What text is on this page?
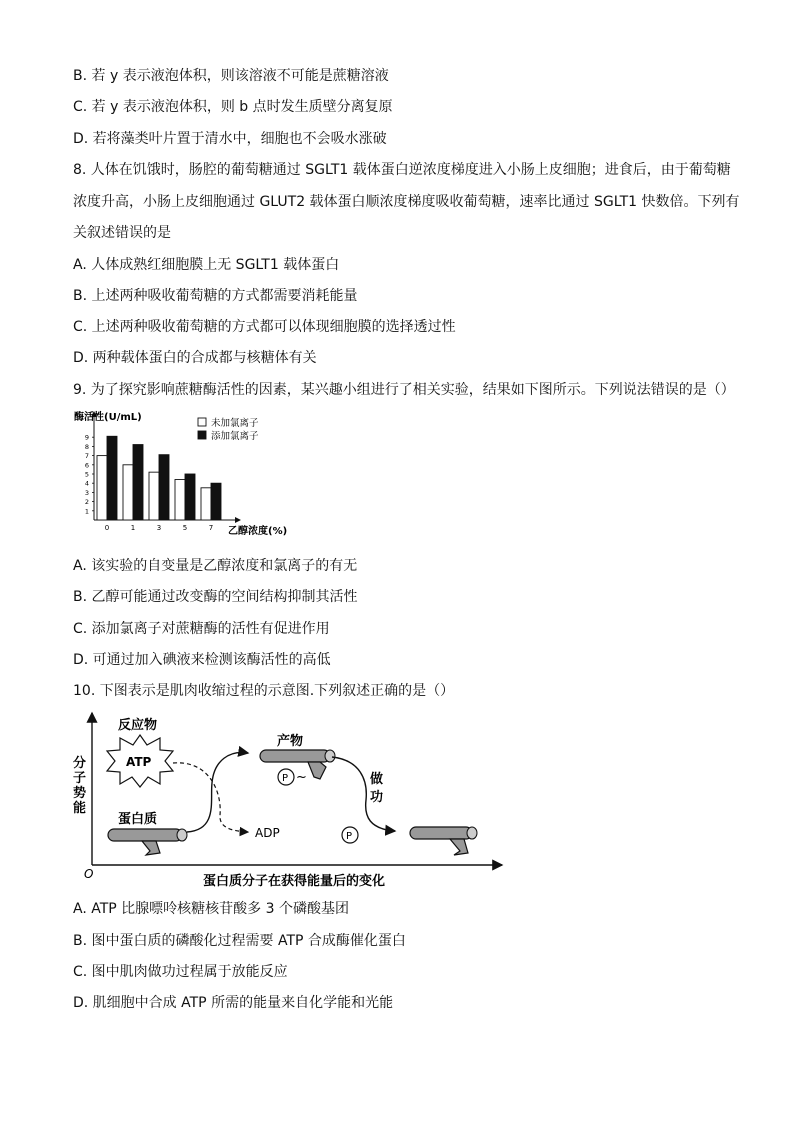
B. 若 y 表示液泡体积，则该溶液不可能是蔗糖溶液
C. 若 y 表示液泡体积，则 b 点时发生质壁分离复原
D. 若将藻类叶片置于清水中，细胞也不会吸水涨破
8. 人体在饥饿时，肠腔的葡萄糖通过 SGLT1 载体蛋白逆浓度梯度进入小肠上皮细胞；进食后，由于葡萄糖
浓度升高，小肠上皮细胞通过 GLUT2 载体蛋白顺浓度梯度吸收葡萄糖，速率比通过 SGLT1 快数倍。下列有
关叙述错误的是
A. 人体成熟红细胞膜上无 SGLT1 载体蛋白
B. 上述两种吸收葡萄糖的方式都需要消耗能量
C. 上述两种吸收葡萄糖的方式都可以体现细胞膜的选择透过性
D. 两种载体蛋白的合成都与核糖体有关
9. 为了探究影响蔗糖酶活性的因素，某兴趣小组进行了相关实验，结果如下图所示。下列说法错误的是（）
酶活性(U/mL)
1
2
3
4
5
6
7
8
9
0	1	3	5	7 乙醇浓度(%)
未加氯离子
添加氯离子
A. 该实验的自变量是乙醇浓度和氯离子的有无
B. 乙醇可能通过改变酶的空间结构抑制其活性
C. 添加氯离子对蔗糖酶的活性有促进作用
D. 可通过加入碘液来检测该酶活性的高低
10. 下图表示是肌肉收缩过程的示意图.下列叙述正确的是（）
O
分子势能
蛋白质分子在获得能量后的变化
反应物
ATP
ADP
蛋白质
产物
P ~	做
功
P
A. ATP 比腺嘌呤核糖核苷酸多 3 个磷酸基团
B. 图中蛋白质的磷酸化过程需要 ATP 合成酶催化蛋白
C. 图中肌肉做功过程属于放能反应
D. 肌细胞中合成 ATP 所需的能量来自化学能和光能
